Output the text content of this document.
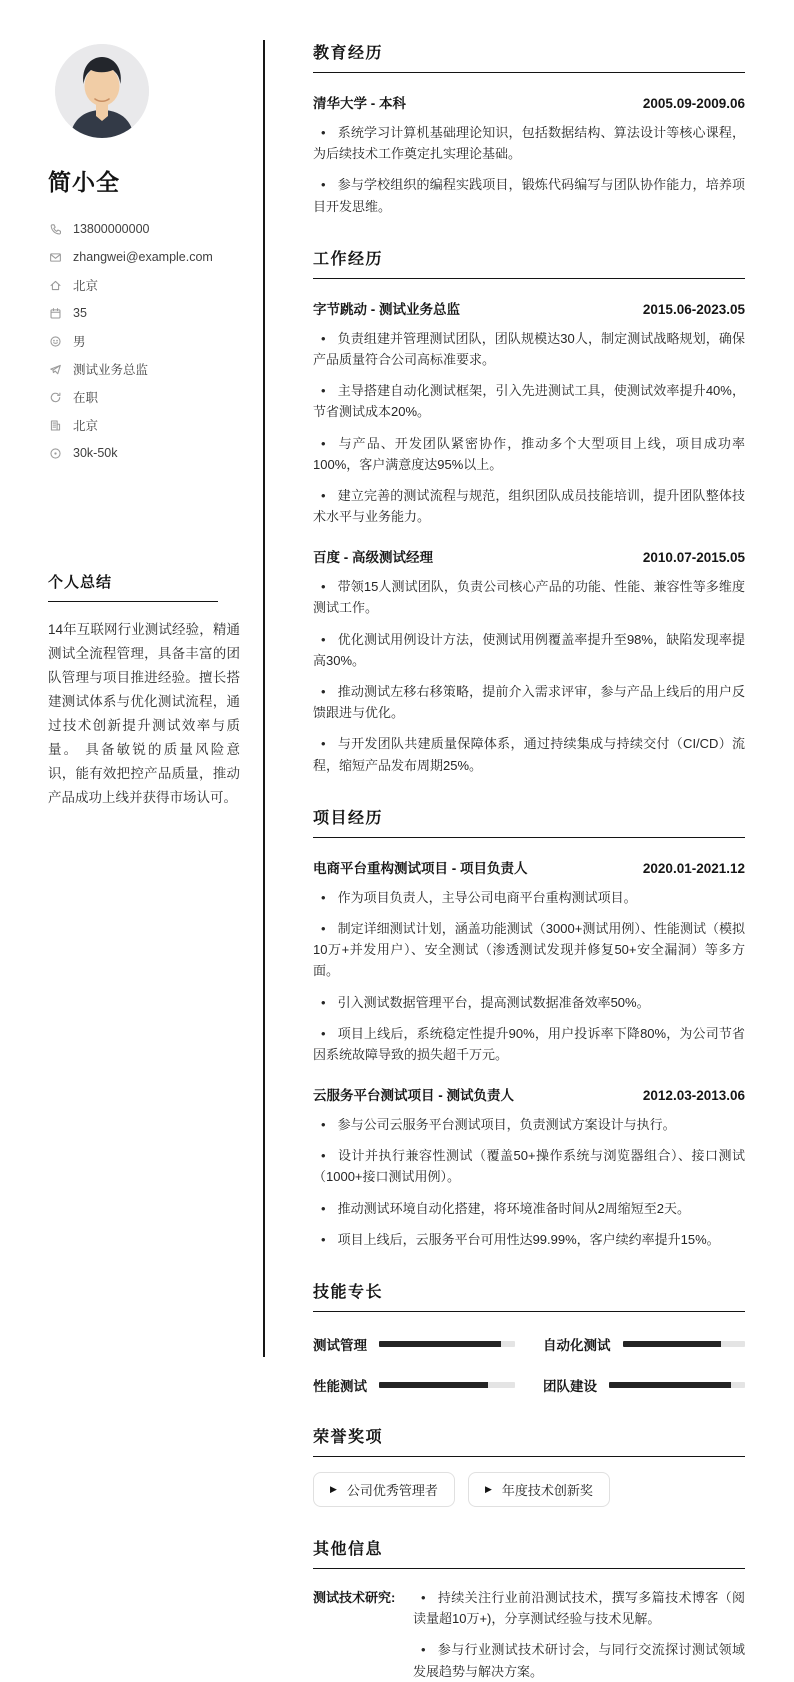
简小全
13800000000
zhangwei@example.com
北京
35
男
测试业务总监
在职
北京
30k-50k
个人总结

14年互联网行业测试经验，精通测试全流程管理，具备丰富的团队管理与项目推进经验。擅长搭建测试体系与优化测试流程，通过技术创新提升测试效率与质量。 具备敏锐的质量风险意识，能有效把控产品质量，推动产品成功上线并获得市场认可。

教育经历
清华大学 - 本科	2005.09-2009.06

• 系统学习计算机基础理论知识，包括数据结构、算法设计等核心课程，为后续技术工作奠定扎实理论基础。

• 参与学校组织的编程实践项目，锻炼代码编写与团队协作能力，培养项目开发思维。

工作经历
字节跳动 - 测试业务总监	2015.06-2023.05

• 负责组建并管理测试团队，团队规模达30人，制定测试战略规划，确保产品质量符合公司高标准要求。

• 主导搭建自动化测试框架，引入先进测试工具，使测试效率提升40%，节省测试成本20%。

• 与产品、开发团队紧密协作，推动多个大型项目上线，项目成功率100%，客户满意度达95%以上。

• 建立完善的测试流程与规范，组织团队成员技能培训，提升团队整体技术水平与业务能力。

百度 - 高级测试经理	2010.07-2015.05

• 带领15人测试团队，负责公司核心产品的功能、性能、兼容性等多维度测试工作。

• 优化测试用例设计方法，使测试用例覆盖率提升至98%，缺陷发现率提高30%。

• 推动测试左移右移策略，提前介入需求评审，参与产品上线后的用户反馈跟进与优化。

• 与开发团队共建质量保障体系，通过持续集成与持续交付（CI/CD）流程，缩短产品发布周期25%。

项目经历
电商平台重构测试项目 - 项目负责人	2020.01-2021.12

• 作为项目负责人，主导公司电商平台重构测试项目。

• 制定详细测试计划，涵盖功能测试（3000+测试用例）、性能测试（模拟10万+并发用户）、安全测试（渗透测试发现并修复50+安全漏洞）等多方面。

• 引入测试数据管理平台，提高测试数据准备效率50%。

• 项目上线后，系统稳定性提升90%，用户投诉率下降80%，为公司节省因系统故障导致的损失超千万元。

云服务平台测试项目 - 测试负责人	2012.03-2013.06

• 参与公司云服务平台测试项目，负责测试方案设计与执行。

• 设计并执行兼容性测试（覆盖50+操作系统与浏览器组合）、接口测试（1000+接口测试用例）。

• 推动测试环境自动化搭建，将环境准备时间从2周缩短至2天。

• 项目上线后，云服务平台可用性达99.99%，客户续约率提升15%。

技能专长
测试管理	自动化测试
性能测试	团队建设
荣誉奖项
▶ 公司优秀管理者	▶ 年度技术创新奖
其他信息
测试技术研究:	• 持续关注行业前沿测试技术，撰写多篇技术博客（阅读量超10万+)，分享测试经验与技术见解。

• 参与行业测试技术研讨会，与同行交流探讨测试领域发展趋势与解决方案。
